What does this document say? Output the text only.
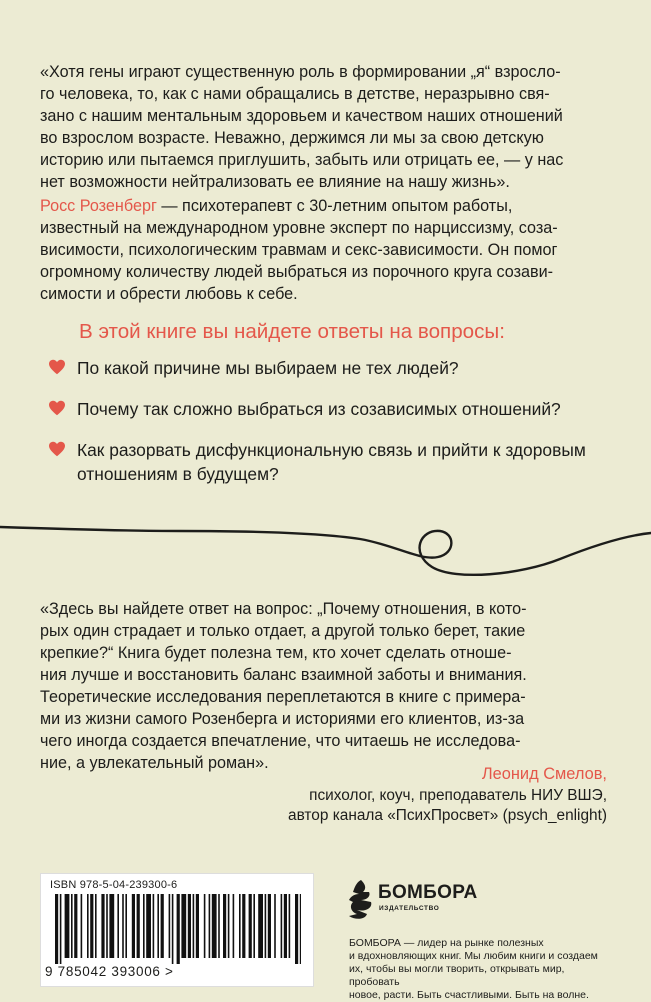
«Хотя гены играют существенную роль в формировании „я“ взросло-
го человека, то, как с нами обращались в детстве, неразрывно свя-
зано с нашим ментальным здоровьем и качеством наших отношений
во взрослом возрасте. Неважно, держимся ли мы за свою детскую
историю или пытаемся приглушить, забыть или отрицать ее, — у нас
нет возможности нейтрализовать ее влияние на нашу жизнь».
Росс Розенберг — психотерапевт с 30-летним опытом работы,
известный на международном уровне эксперт по нарциссизму, созa-
висимости, психологическим травмам и секс-зависимости. Он помог
огромному количеству людей выбраться из порочного круга созави-
симости и обрести любовь к себе.
В этой книге вы найдете ответы на вопросы:
По какой причине мы выбираем не тех людей?
Почему так сложно выбраться из созависимых отношений?
Как разорвать дисфункциональную связь и прийти к здоровым отношениям в будущем?
«Здесь вы найдете ответ на вопрос: „Почему отношения, в кото-
рых один страдает и только отдает, а другой только берет, такие
крепкие?“ Книга будет полезна тем, кто хочет сделать отноше-
ния лучше и восстановить баланс взаимной заботы и внимания.
Теоретические исследования переплетаются в книге с примера-
ми из жизни самого Розенберга и историями его клиентов, из-за
чего иногда создается впечатление, что читаешь не исследова-
ние, а увлекательный роман».
Леонид Смелов,
психолог, коуч, преподаватель НИУ ВШЭ,
автор канала «ПсихПросвет» (psych_enlight)
ISBN 978-5-04-239300-6
9 785042 393006 >
БОМБОРА
ИЗДАТЕЛЬСТВО
БОМБОРА — лидер на рынке полезных
и вдохновляющих книг. Мы любим книги и создаем
их, чтобы вы могли творить, открывать мир, пробовать
новое, расти. Быть счастливыми. Быть на волне.
